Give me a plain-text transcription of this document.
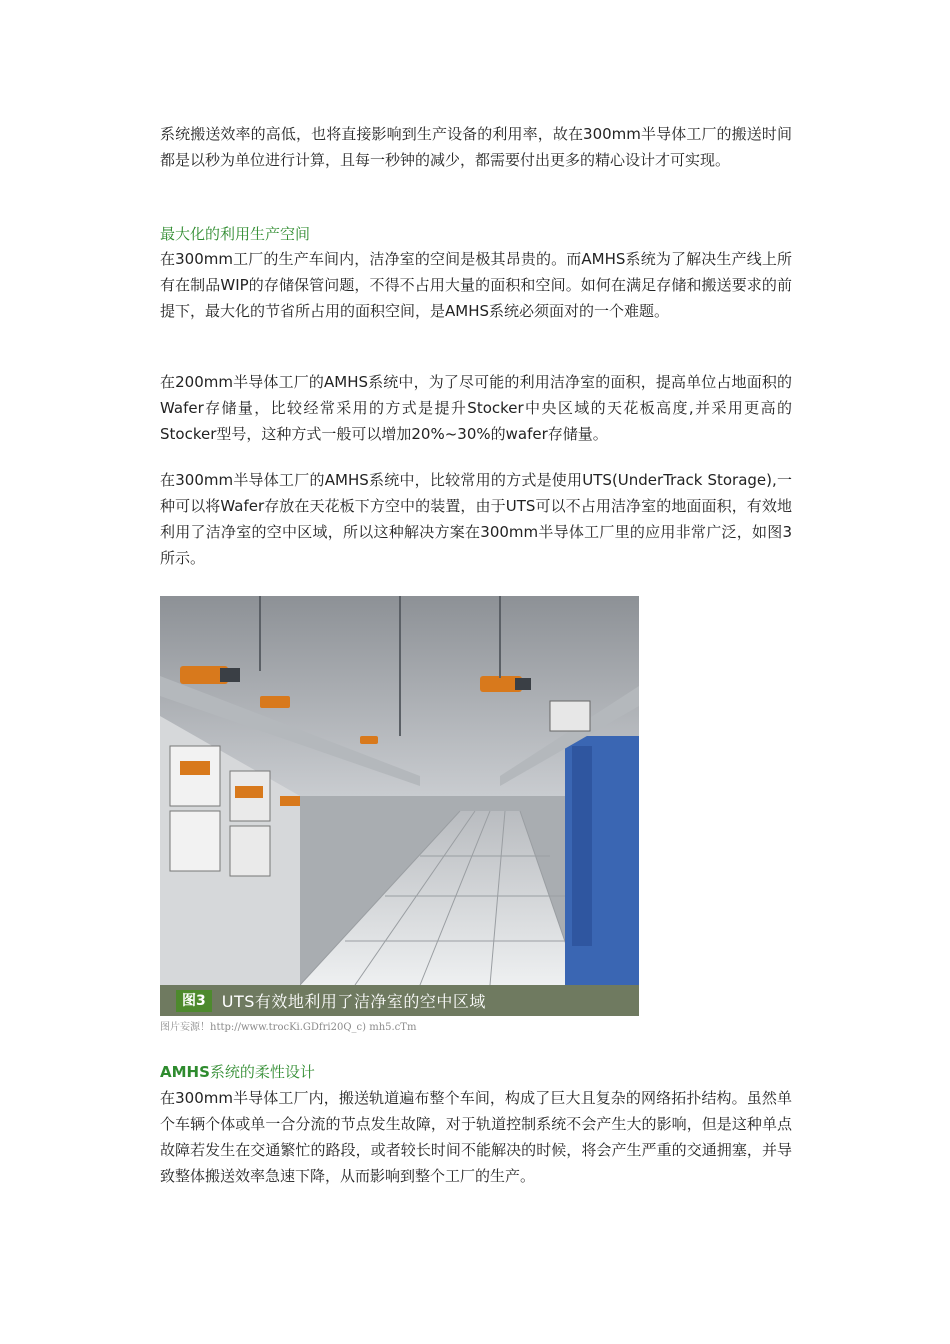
系统搬送效率的高低，也将直接影响到生产设备的利用率，故在300mm半导体工厂的搬送时间都是以秒为单位进行计算，且每一秒钟的减少，都需要付出更多的精心设计才可实现。

最大化的利用生产空间

在300mm工厂的生产车间内，洁净室的空间是极其昂贵的。而AMHS系统为了解决生产线上所有在制品WIP的存储保管问题，不得不占用大量的面积和空间。如何在满足存储和搬送要求的前提下，最大化的节省所占用的面积空间，是AMHS系统必须面对的一个难题。

在200mm半导体工厂的AMHS系统中，为了尽可能的利用洁净室的面积，提高单位占地面积的Wafer存储量，比较经常采用的方式是提升Stocker中央区域的天花板高度,并采用更高的Stocker型号，这种方式一般可以增加20%~30%的wafer存储量。

在300mm半导体工厂的AMHS系统中，比较常用的方式是使用UTS(UnderTrack Storage),一种可以将Wafer存放在天花板下方空中的装置，由于UTS可以不占用洁净室的地面面积，有效地利用了洁净室的空中区域，所以这种解决方案在300mm半导体工厂里的应用非常广泛，如图3所示。

图3	UTS有效地利用了洁净室的空中区域
图片妄源！http://www.trocKi.GDfri20Q_c) mh5.cTm

AMHS系统的柔性设计

在300mm半导体工厂内，搬送轨道遍布整个车间，构成了巨大且复杂的网络拓扑结构。虽然单个车辆个体或单一合分流的节点发生故障，对于轨道控制系统不会产生大的影响，但是这种单点故障若发生在交通繁忙的路段，或者较长时间不能解决的时候，将会产生严重的交通拥塞，并导致整体搬送效率急速下降，从而影响到整个工厂的生产。
